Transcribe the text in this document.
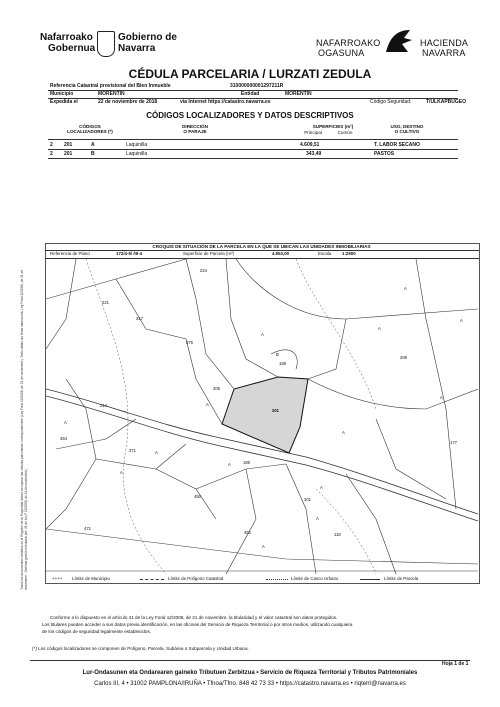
Nafarroako
Gobernua
Gobierno de
Navarra	NAFARROAKO
OGASUNA
HACIENDA
NAVARRA
CÉDULA PARCELARIA / LURZATI ZEDULA
Referencia Catastral provisional del Bien Inmueble	310000000001297211R
Municipio	MORENTIN	Entidad	MORENTIN
Expedida el	22 de noviembre de 2018	vía Internet https://catastro.navarra.es	Código Seguridad:	T/ULKAPBUGEO
CÓDIGOS LOCALIZADORES Y DATOS DESCRIPTIVOS
CÓDIGOS
LOCALIZADORES (*)
DIRECCIÓN
O PARAJE
SUPERFICIES (m²)
Principal	Común
USO, DESTINO
O CULTIVO
2 201	A	Laquinilla	4.609,51	T. LABOR SECANO
2 201	B	Laquinilla	343,49	PASTOS
CROQUIS DE SITUACIÓN DE LA PARCELA EN LA QUE SE UBICAN LAS UNIDADES INMOBILIARIAS
Referencia de Plano	172/4-5/ /III-4	Superficie de Parcela (m²)	4.953,00	Escala 1:2500
224
221
217
376
205
A
A
201
B
189
A
208
214
371
454
A
A
A
185
A
450
A
301
A
177
471
A
118
A
452
A
A
A
++++ Límite de Municipio	Límite de Polígono Catastral	Límite de Casco Urbano	Límite de Parcela
Todos los documentos emitidos en el Registro de la Propiedad deben incorporar las cédulas parcelarias correspondientes (Ley Foral 12/2006, de 21 de noviembre). Texto válido sin firma manuscrita. Ley Foral 12/2006, de 21 de noviembre - Sistema gestión tributaria (art. 21 de la LF 12/2006, de 21 de noviembre).
Conforme a lo dispuesto en el artículo 41 de la Ley Foral 12/2006, de 21 de noviembre, la titularidad y el valor catastral son datos protegidos.
Los titulares pueden acceder a sus datos previa identificación, en las oficinas del Servicio de Riqueza Territorial o por otros medios, utilizando cualquiera
de los códigos de seguridad legalmente establecidos.
(*) Los códigos localizadores se componen de Polígono, Parcela, Subárea o Subparcela y Unidad Urbana.
Hoja 1 de 1
Lur-Ondasunen eta Ondarearen gaineko Tributuen Zerbitzua • Servicio de Riqueza Territorial y Tributos Patrimoniales
Carlos III, 4 • 31002 PAMPLONA/IRUÑA • Tfnoa/Tfno. 848 42 73 33 • https://catastro.navarra.es • riqterri@navarra.es
